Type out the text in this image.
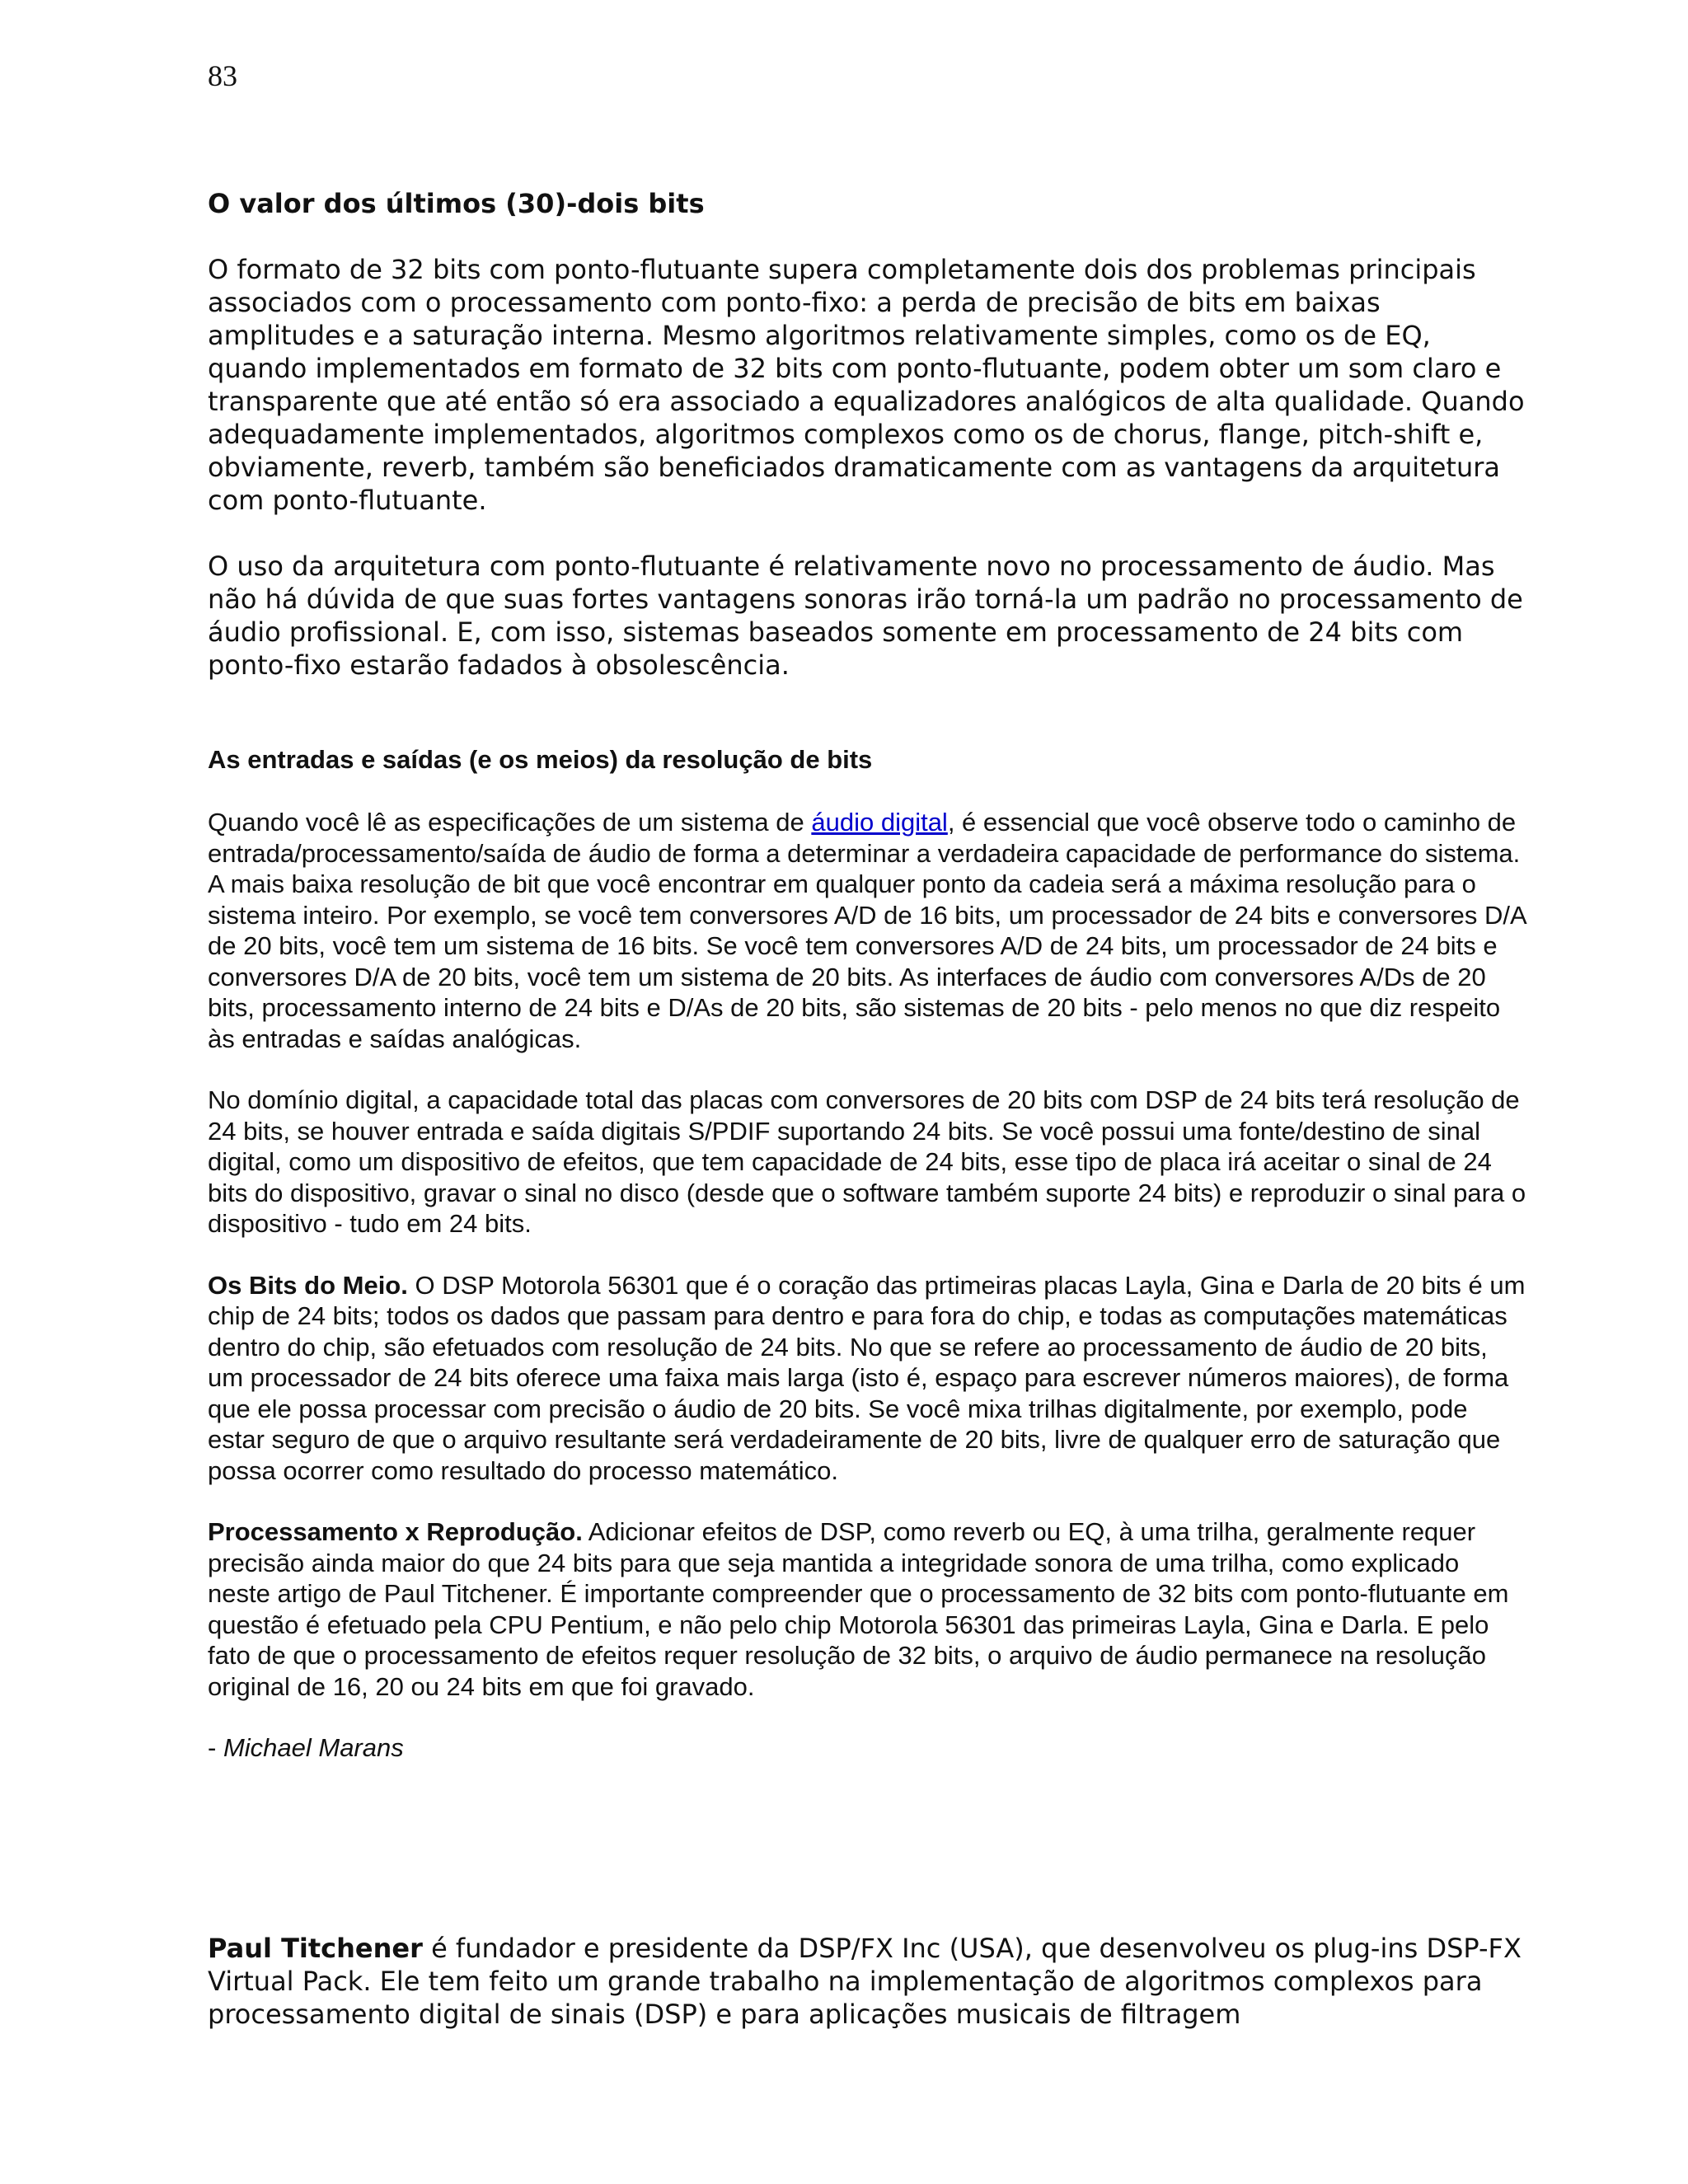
83
O valor dos últimos (30)-dois bits

O formato de 32 bits com ponto-flutuante supera completamente dois dos problemas principais associados com o processamento com ponto-fixo: a perda de precisão de bits em baixas amplitudes e a saturação interna. Mesmo algoritmos relativamente simples, como os de EQ, quando implementados em formato de 32 bits com ponto-flutuante, podem obter um som claro e transparente que até então só era associado a equalizadores analógicos de alta qualidade. Quando adequadamente implementados, algoritmos complexos como os de chorus, flange, pitch-shift e, obviamente, reverb, também são beneficiados dramaticamente com as vantagens da arquitetura com ponto-flutuante.

O uso da arquitetura com ponto-flutuante é relativamente novo no processamento de áudio. Mas não há dúvida de que suas fortes vantagens sonoras irão torná-la um padrão no processamento de áudio profissional. E, com isso, sistemas baseados somente em processamento de 24 bits com ponto-fixo estarão fadados à obsolescência.

As entradas e saídas (e os meios) da resolução de bits

Quando você lê as especificações de um sistema de áudio digital, é essencial que você observe todo o caminho de entrada/processamento/saída de áudio de forma a determinar a verdadeira capacidade de performance do sistema. A mais baixa resolução de bit que você encontrar em qualquer ponto da cadeia será a máxima resolução para o sistema inteiro. Por exemplo, se você tem conversores A/D de 16 bits, um processador de 24 bits e conversores D/A de 20 bits, você tem um sistema de 16 bits. Se você tem conversores A/D de 24 bits, um processador de 24 bits e conversores D/A de 20 bits, você tem um sistema de 20 bits. As interfaces de áudio com conversores A/Ds de 20 bits, processamento interno de 24 bits e D/As de 20 bits, são sistemas de 20 bits - pelo menos no que diz respeito às entradas e saídas analógicas.

No domínio digital, a capacidade total das placas com conversores de 20 bits com DSP de 24 bits terá resolução de 24 bits, se houver entrada e saída digitais S/PDIF suportando 24 bits. Se você possui uma fonte/destino de sinal digital, como um dispositivo de efeitos, que tem capacidade de 24 bits, esse tipo de placa irá aceitar o sinal de 24 bits do dispositivo, gravar o sinal no disco (desde que o software também suporte 24 bits) e reproduzir o sinal para o dispositivo - tudo em 24 bits.

Os Bits do Meio. O DSP Motorola 56301 que é o coração das prtimeiras placas Layla, Gina e Darla de 20 bits é um chip de 24 bits; todos os dados que passam para dentro e para fora do chip, e todas as computações matemáticas dentro do chip, são efetuados com resolução de 24 bits. No que se refere ao processamento de áudio de 20 bits, um processador de 24 bits oferece uma faixa mais larga (isto é, espaço para escrever números maiores), de forma que ele possa processar com precisão o áudio de 20 bits. Se você mixa trilhas digitalmente, por exemplo, pode estar seguro de que o arquivo resultante será verdadeiramente de 20 bits, livre de qualquer erro de saturação que possa ocorrer como resultado do processo matemático.

Processamento x Reprodução. Adicionar efeitos de DSP, como reverb ou EQ, à uma trilha, geralmente requer precisão ainda maior do que 24 bits para que seja mantida a integridade sonora de uma trilha, como explicado neste artigo de Paul Titchener. É importante compreender que o processamento de 32 bits com ponto-flutuante em questão é efetuado pela CPU Pentium, e não pelo chip Motorola 56301 das primeiras Layla, Gina e Darla. E pelo fato de que o processamento de efeitos requer resolução de 32 bits, o arquivo de áudio permanece na resolução original de 16, 20 ou 24 bits em que foi gravado.

- Michael Marans

Paul Titchener é fundador e presidente da DSP/FX Inc (USA), que desenvolveu os plug-ins DSP-FX Virtual Pack. Ele tem feito um grande trabalho na implementação de algoritmos complexos para processamento digital de sinais (DSP) e para aplicações musicais de filtragem
